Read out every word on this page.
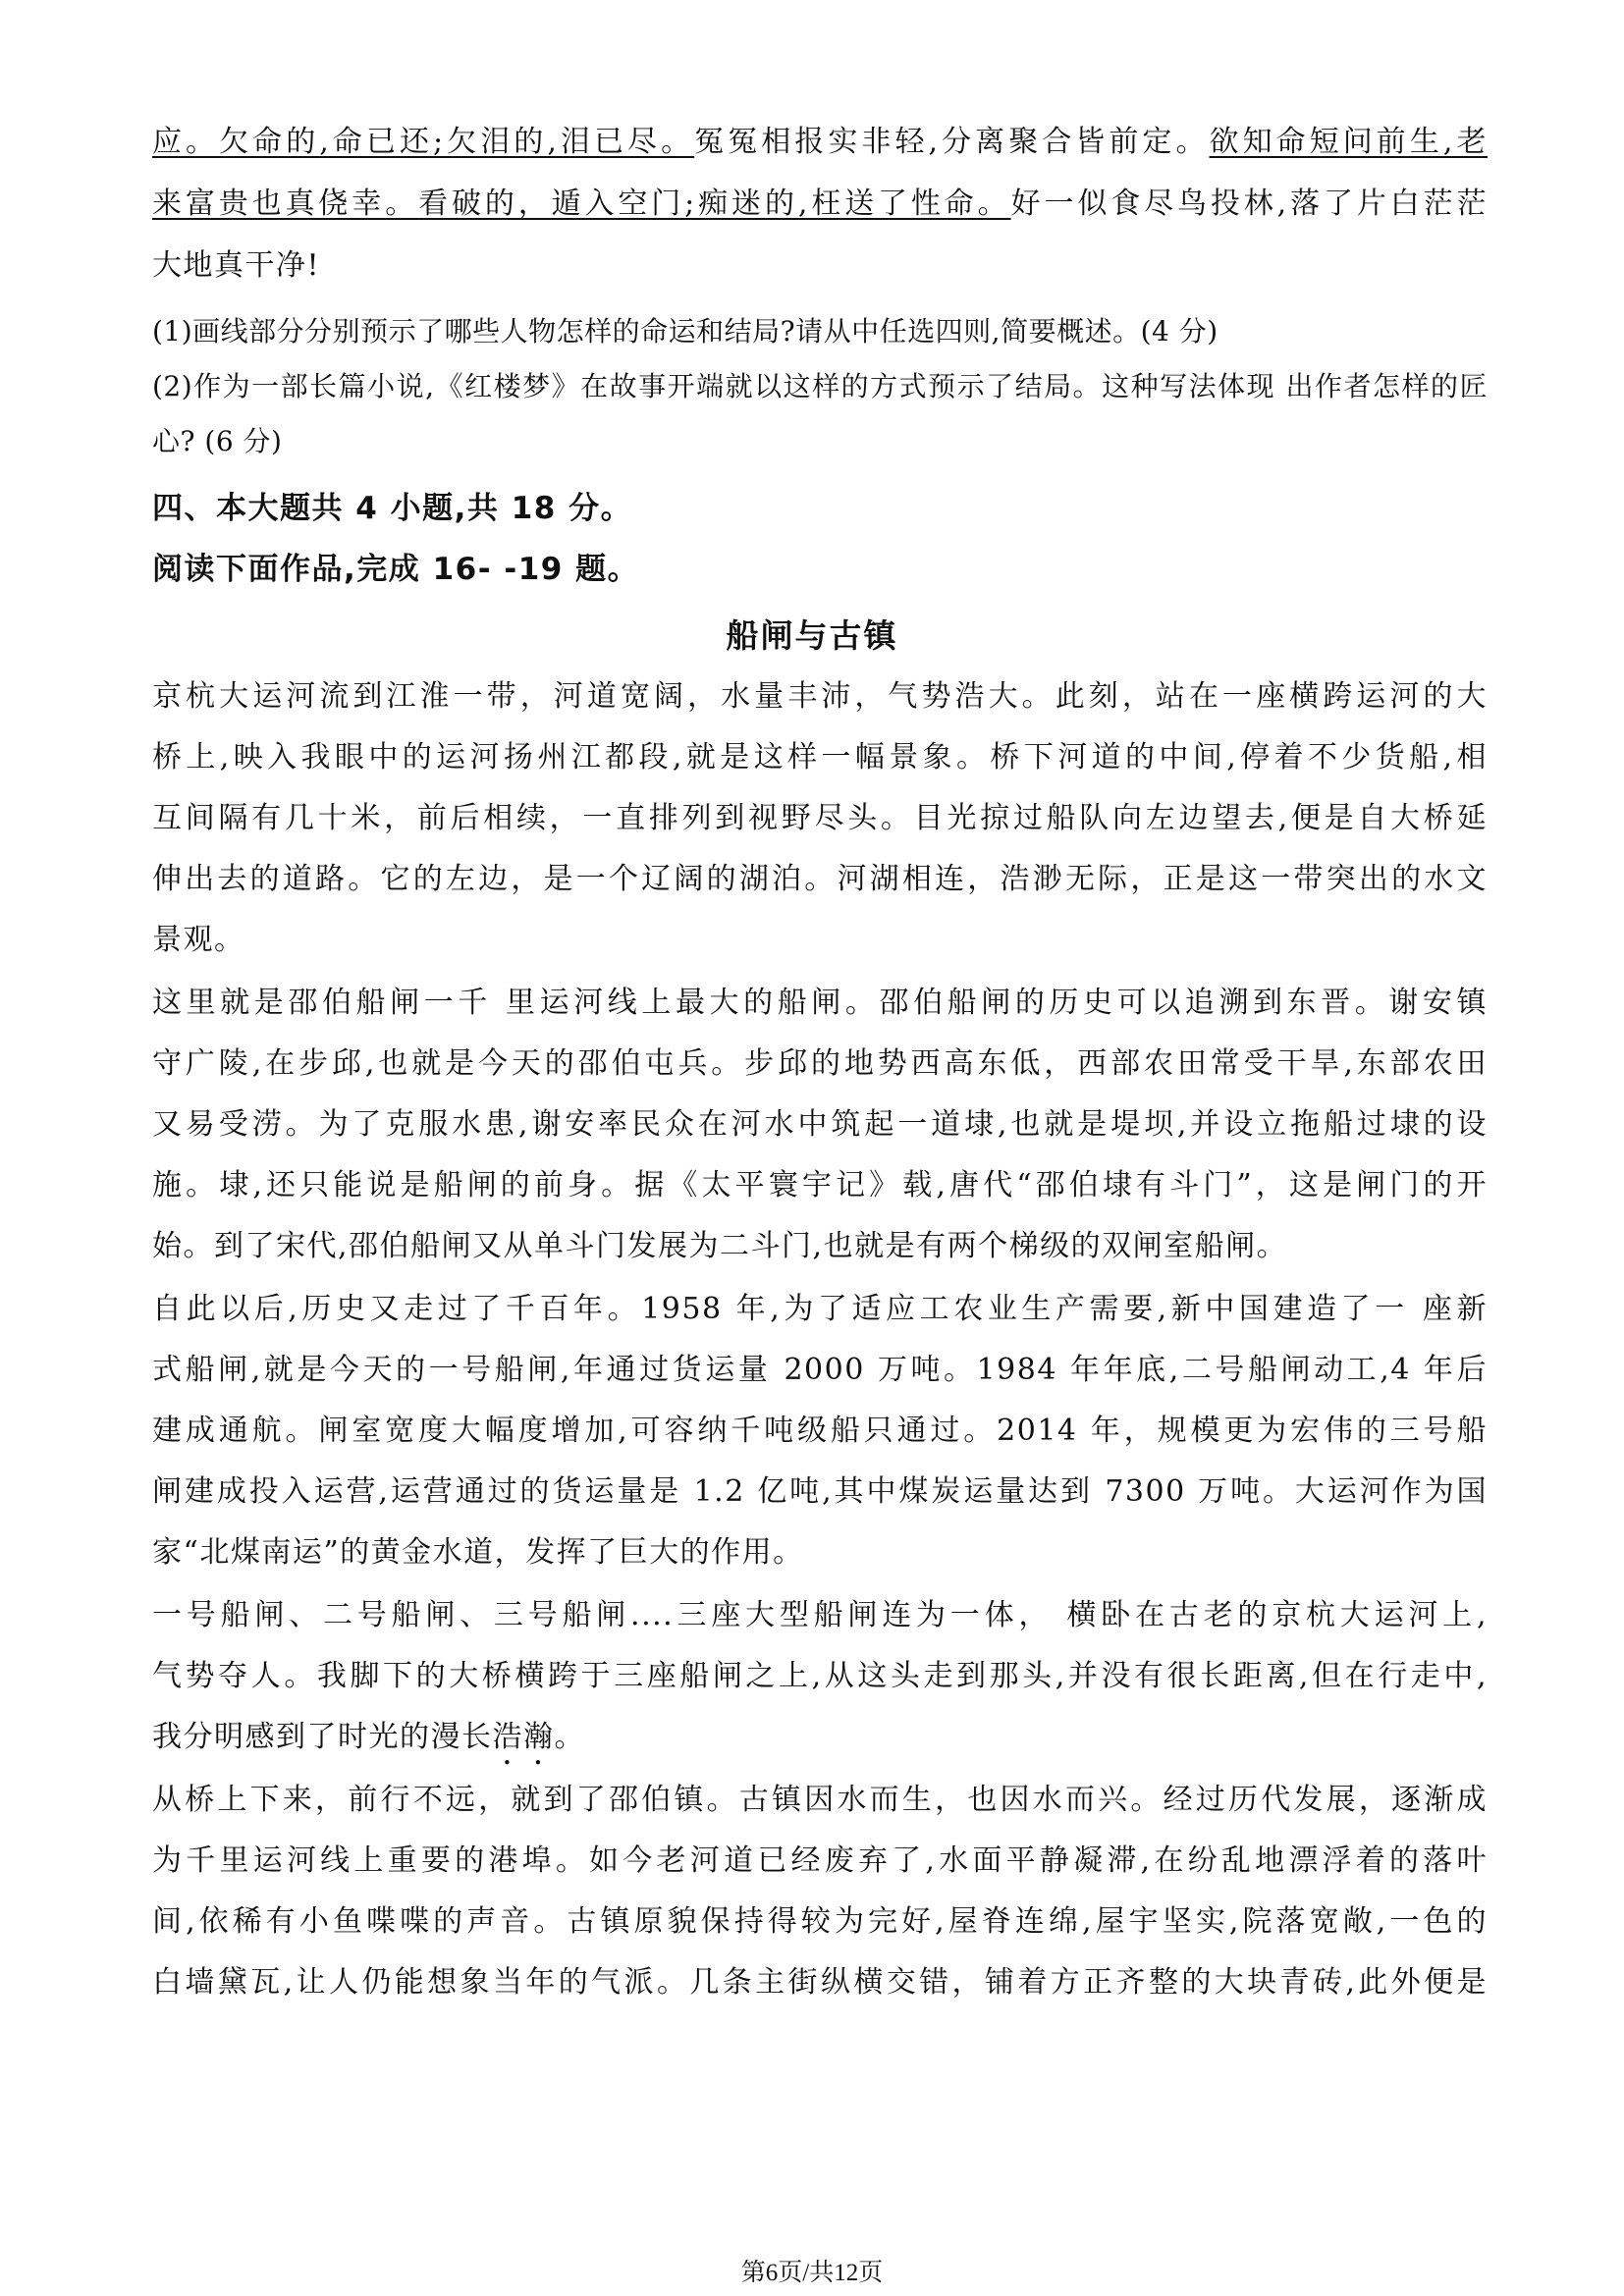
应。欠命的,命已还;欠泪的,泪已尽。冤冤相报实非轻,分离聚合皆前定。欲知命短问前生,老
来富贵也真侥幸。看破的，遁入空门;痴迷的,枉送了性命。好一似食尽鸟投林,落了片白茫茫
大地真干净!
(1)画线部分分别预示了哪些人物怎样的命运和结局?请从中任选四则,简要概述。(4 分)
(2)作为一部长篇小说,《红楼梦》在故事开端就以这样的方式预示了结局。这种写法体现 出作者怎样的匠
心? (6 分)
四、本大题共 4 小题,共 18 分。
阅读下面作品,完成 16- -19 题。
船闸与古镇
京杭大运河流到江淮一带，河道宽阔，水量丰沛，气势浩大。此刻，站在一座横跨运河的大
桥上,映入我眼中的运河扬州江都段,就是这样一幅景象。桥下河道的中间,停着不少货船,相
互间隔有几十米，前后相续，一直排列到视野尽头。目光掠过船队向左边望去,便是自大桥延
伸出去的道路。它的左边，是一个辽阔的湖泊。河湖相连，浩渺无际，正是这一带突出的水文
景观。
这里就是邵伯船闸一千 里运河线上最大的船闸。邵伯船闸的历史可以追溯到东晋。谢安镇
守广陵,在步邱,也就是今天的邵伯屯兵。步邱的地势西高东低，西部农田常受干旱,东部农田
又易受涝。为了克服水患,谢安率民众在河水中筑起一道埭,也就是堤坝,并设立拖船过埭的设
施。埭,还只能说是船闸的前身。据《太平寰宇记》载,唐代“邵伯埭有斗门”，这是闸门的开
始。到了宋代,邵伯船闸又从单斗门发展为二斗门,也就是有两个梯级的双闸室船闸。
自此以后,历史又走过了千百年。1958 年,为了适应工农业生产需要,新中国建造了一 座新
式船闸,就是今天的一号船闸,年通过货运量 2000 万吨。1984 年年底,二号船闸动工,4 年后
建成通航。闸室宽度大幅度增加,可容纳千吨级船只通过。2014 年，规模更为宏伟的三号船
闸建成投入运营,运营通过的货运量是 1.2 亿吨,其中煤炭运量达到 7300 万吨。大运河作为国
家“北煤南运”的黄金水道，发挥了巨大的作用。
一号船闸、二号船闸、三号船闸....三座大型船闸连为一体， 横卧在古老的京杭大运河上,
气势夺人。我脚下的大桥横跨于三座船闸之上,从这头走到那头,并没有很长距离,但在行走中,
我分明感到了时光的漫长浩瀚。
从桥上下来，前行不远，就到了邵伯镇。古镇因水而生，也因水而兴。经过历代发展，逐渐成
为千里运河线上重要的港埠。如今老河道已经废弃了,水面平静凝滞,在纷乱地漂浮着的落叶
间,依稀有小鱼喋喋的声音。古镇原貌保持得较为完好,屋脊连绵,屋宇坚实,院落宽敞,一色的
白墙黛瓦,让人仍能想象当年的气派。几条主街纵横交错，铺着方正齐整的大块青砖,此外便是
第6页/共12页
